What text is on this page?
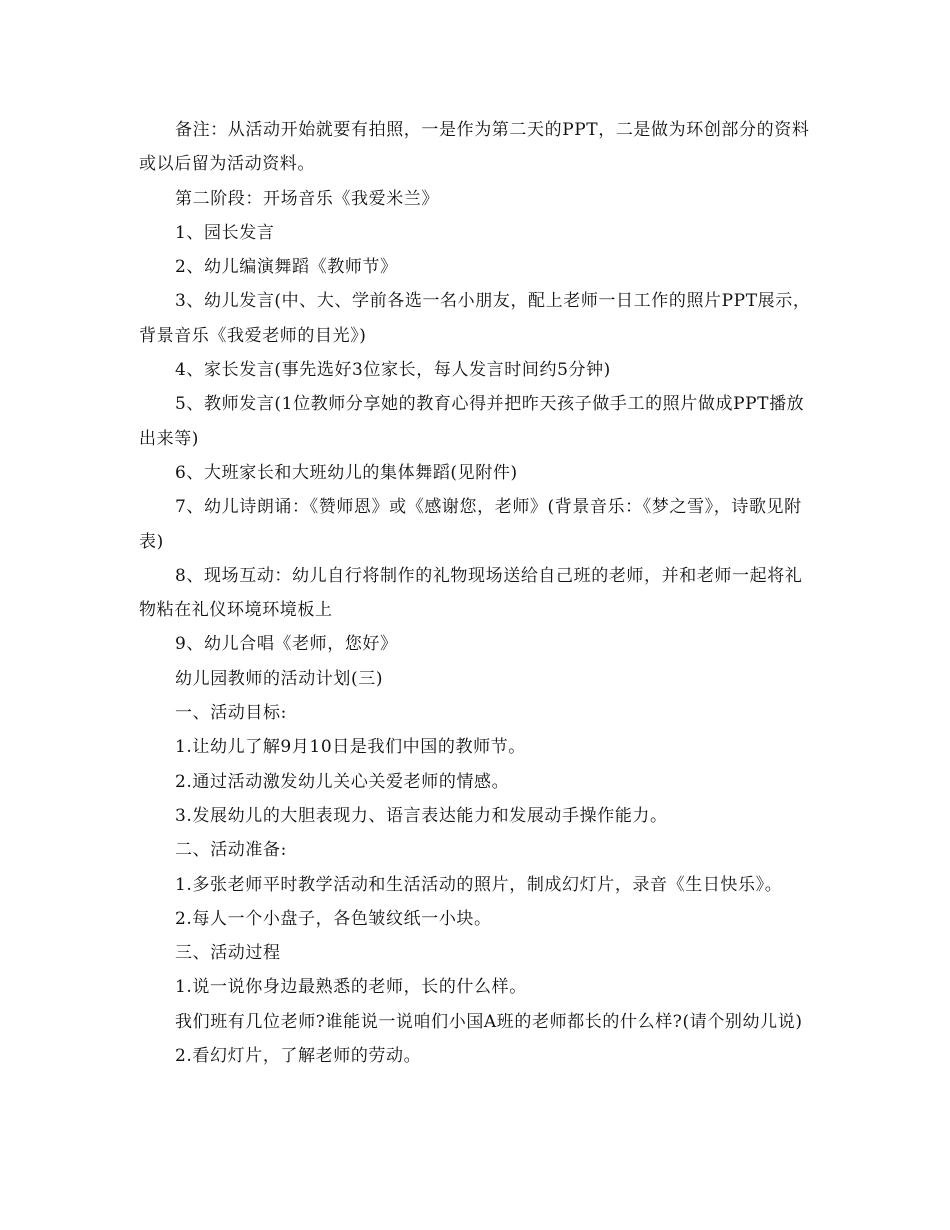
备注：从活动开始就要有拍照，一是作为第二天的PPT，二是做为环创部分的资料或以后留为活动资料。

第二阶段：开场音乐《我爱米兰》

1、园长发言

2、幼儿编演舞蹈《教师节》

3、幼儿发言(中、大、学前各选一名小朋友，配上老师一日工作的照片PPT展示，背景音乐《我爱老师的目光》)

4、家长发言(事先选好3位家长，每人发言时间约5分钟)

5、教师发言(1位教师分享她的教育心得并把昨天孩子做手工的照片做成PPT播放出来等)

6、大班家长和大班幼儿的集体舞蹈(见附件)

7、幼儿诗朗诵：《赞师恩》或《感谢您，老师》(背景音乐：《梦之雪》，诗歌见附表)

8、现场互动：幼儿自行将制作的礼物现场送给自己班的老师，并和老师一起将礼物粘在礼仪环境环境板上

9、幼儿合唱《老师，您好》

幼儿园教师的活动计划(三)

一、活动目标:

1.让幼儿了解9月10日是我们中国的教师节。

2.通过活动激发幼儿关心关爱老师的情感。

3.发展幼儿的大胆表现力、语言表达能力和发展动手操作能力。

二、活动准备:

1.多张老师平时教学活动和生活活动的照片，制成幻灯片，录音《生日快乐》。

2.每人一个小盘子，各色皱纹纸一小块。

三、活动过程

1.说一说你身边最熟悉的老师，长的什么样。

我们班有几位老师?谁能说一说咱们小国A班的老师都长的什么样?(请个别幼儿说)

2.看幻灯片，了解老师的劳动。
